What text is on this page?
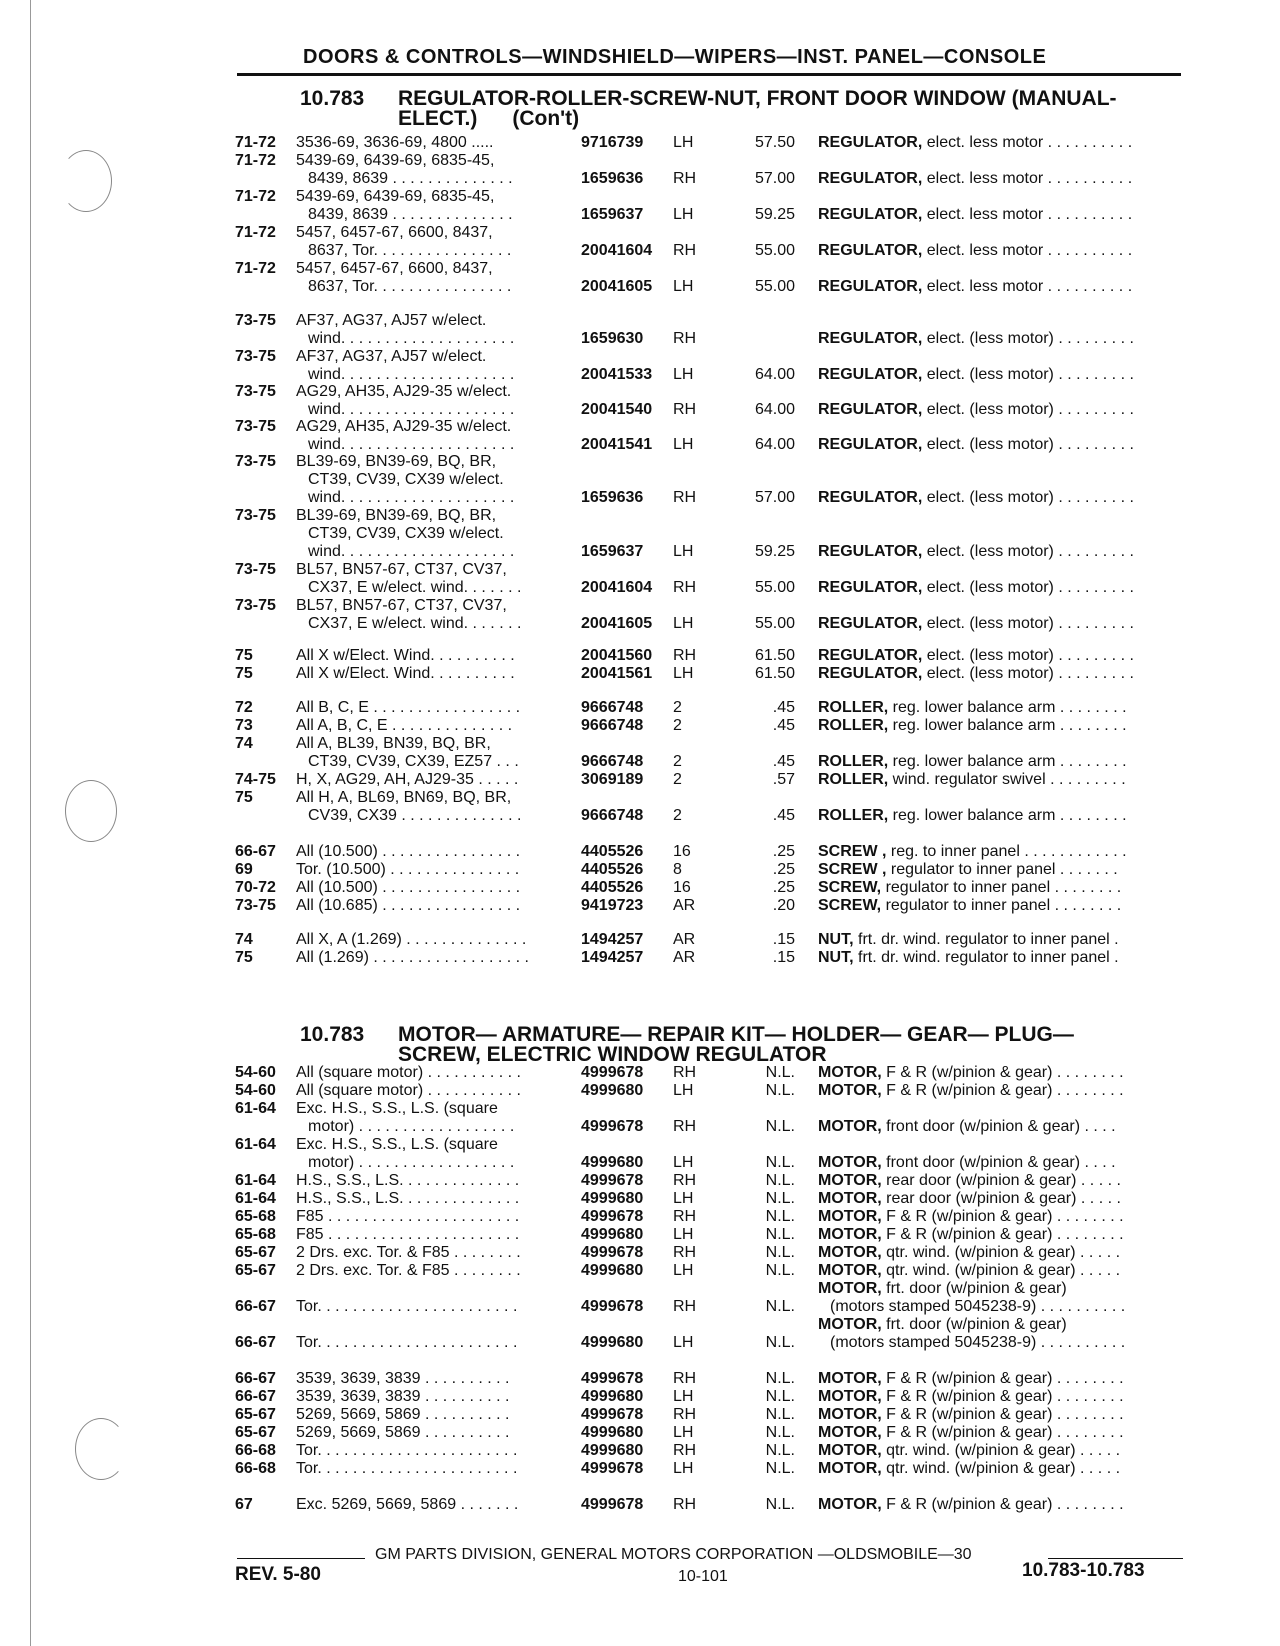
DOORS & CONTROLS—WINDSHIELD—WIPERS—INST. PANEL—CONSOLE
10.783 REGULATOR-ROLLER-SCREW-NUT, FRONT DOOR WINDOW (MANUAL-
ELECT.)      (Con't)
71-72 3536-69, 3636-69, 4800 .....	9716739 LH	57.50 REGULATOR, elect. less motor . . . . . . . . . .
71-72 5439-69, 6439-69, 6835-45,
8439, 8639 . . . . . . . . . . . . . .	1659636 RH	57.00 REGULATOR, elect. less motor . . . . . . . . . .
71-72 5439-69, 6439-69, 6835-45,
8439, 8639 . . . . . . . . . . . . . .	1659637 LH	59.25 REGULATOR, elect. less motor . . . . . . . . . .
71-72 5457, 6457-67, 6600, 8437,
8637, Tor. . . . . . . . . . . . . . . .	20041604 RH	55.00 REGULATOR, elect. less motor . . . . . . . . . .
71-72 5457, 6457-67, 6600, 8437,
8637, Tor. . . . . . . . . . . . . . . .	20041605 LH	55.00 REGULATOR, elect. less motor . . . . . . . . . .
73-75 AF37, AG37, AJ57 w/elect.
wind. . . . . . . . . . . . . . . . . . . .	1659630 RH	REGULATOR, elect. (less motor) . . . . . . . . .
73-75 AF37, AG37, AJ57 w/elect.
wind. . . . . . . . . . . . . . . . . . . .	20041533 LH	64.00 REGULATOR, elect. (less motor) . . . . . . . . .
73-75 AG29, AH35, AJ29-35 w/elect.
wind. . . . . . . . . . . . . . . . . . . .	20041540 RH	64.00 REGULATOR, elect. (less motor) . . . . . . . . .
73-75 AG29, AH35, AJ29-35 w/elect.
wind. . . . . . . . . . . . . . . . . . . .	20041541 LH	64.00 REGULATOR, elect. (less motor) . . . . . . . . .
73-75 BL39-69, BN39-69, BQ, BR,
CT39, CV39, CX39 w/elect.
wind. . . . . . . . . . . . . . . . . . . .	1659636 RH	57.00 REGULATOR, elect. (less motor) . . . . . . . . .
73-75 BL39-69, BN39-69, BQ, BR,
CT39, CV39, CX39 w/elect.
wind. . . . . . . . . . . . . . . . . . . .	1659637 LH	59.25 REGULATOR, elect. (less motor) . . . . . . . . .
73-75 BL57, BN57-67, CT37, CV37,
CX37, E w/elect. wind. . . . . . .	20041604 RH	55.00 REGULATOR, elect. (less motor) . . . . . . . . .
73-75 BL57, BN57-67, CT37, CV37,
CX37, E w/elect. wind. . . . . . .	20041605 LH	55.00 REGULATOR, elect. (less motor) . . . . . . . . .
75	All X w/Elect. Wind. . . . . . . . . .	20041560 RH	61.50 REGULATOR, elect. (less motor) . . . . . . . . .
75	All X w/Elect. Wind. . . . . . . . . .	20041561 LH	61.50 REGULATOR, elect. (less motor) . . . . . . . . .
72	All B, C, E . . . . . . . . . . . . . . . . .	9666748 2	.45 ROLLER, reg. lower balance arm . . . . . . . .
73	All A, B, C, E . . . . . . . . . . . . . .	9666748 2	.45 ROLLER, reg. lower balance arm . . . . . . . .
74	All A, BL39, BN39, BQ, BR,
CT39, CV39, CX39, EZ57 . . .	9666748 2	.45 ROLLER, reg. lower balance arm . . . . . . . .
74-75 H, X, AG29, AH, AJ29-35 . . . . .	3069189 2	.57 ROLLER, wind. regulator swivel . . . . . . . . .
75	All H, A, BL69, BN69, BQ, BR,
CV39, CX39 . . . . . . . . . . . . . .	9666748 2	.45 ROLLER, reg. lower balance arm . . . . . . . .
66-67 All (10.500) . . . . . . . . . . . . . . . .	4405526 16	.25 SCREW , reg. to inner panel . . . . . . . . . . . .
69	Tor. (10.500) . . . . . . . . . . . . . . .	4405526 8	.25 SCREW , regulator to inner panel . . . . . . .
70-72 All (10.500) . . . . . . . . . . . . . . . .	4405526 16	.25 SCREW, regulator to inner panel . . . . . . . .
73-75 All (10.685) . . . . . . . . . . . . . . . .	9419723 AR	.20 SCREW, regulator to inner panel . . . . . . . .
74	All X, A (1.269) . . . . . . . . . . . . . .	1494257 AR	.15 NUT, frt. dr. wind. regulator to inner panel .
75	All (1.269) . . . . . . . . . . . . . . . . . .	1494257 AR	.15 NUT, frt. dr. wind. regulator to inner panel .
10.783 MOTOR— ARMATURE— REPAIR KIT— HOLDER— GEAR— PLUG—
SCREW, ELECTRIC WINDOW REGULATOR
54-60 All (square motor) . . . . . . . . . . .	4999678 RH	N.L. MOTOR, F & R (w/pinion & gear) . . . . . . . .
54-60 All (square motor) . . . . . . . . . . .	4999680 LH	N.L. MOTOR, F & R (w/pinion & gear) . . . . . . . .
61-64 Exc. H.S., S.S., L.S. (square
motor) . . . . . . . . . . . . . . . . . .	4999678 RH	N.L. MOTOR, front door (w/pinion & gear) . . . .
61-64 Exc. H.S., S.S., L.S. (square
motor) . . . . . . . . . . . . . . . . . .	4999680 LH	N.L. MOTOR, front door (w/pinion & gear) . . . .
61-64 H.S., S.S., L.S. . . . . . . . . . . . . .	4999678 RH	N.L. MOTOR, rear door (w/pinion & gear) . . . . .
61-64 H.S., S.S., L.S. . . . . . . . . . . . . .	4999680 LH	N.L. MOTOR, rear door (w/pinion & gear) . . . . .
65-68 F85 . . . . . . . . . . . . . . . . . . . . . .	4999678 RH	N.L. MOTOR, F & R (w/pinion & gear) . . . . . . . .
65-68 F85 . . . . . . . . . . . . . . . . . . . . . .	4999680 LH	N.L. MOTOR, F & R (w/pinion & gear) . . . . . . . .
65-67 2 Drs. exc. Tor. & F85 . . . . . . . .	4999678 RH	N.L. MOTOR, qtr. wind. (w/pinion & gear) . . . . .
65-67 2 Drs. exc. Tor. & F85 . . . . . . . .	4999680 LH	N.L. MOTOR, qtr. wind. (w/pinion & gear) . . . . .
66-67 Tor. . . . . . . . . . . . . . . . . . . . . . .	4999678 RH	N.L.
MOTOR, frt. door (w/pinion & gear)
(motors stamped 5045238-9) . . . . . . . . . .
66-67 Tor. . . . . . . . . . . . . . . . . . . . . . .	4999680 LH	N.L.
MOTOR, frt. door (w/pinion & gear)
(motors stamped 5045238-9) . . . . . . . . . .
66-67 3539, 3639, 3839 . . . . . . . . . .	4999678 RH	N.L. MOTOR, F & R (w/pinion & gear) . . . . . . . .
66-67 3539, 3639, 3839 . . . . . . . . . .	4999680 LH	N.L. MOTOR, F & R (w/pinion & gear) . . . . . . . .
65-67 5269, 5669, 5869 . . . . . . . . . .	4999678 RH	N.L. MOTOR, F & R (w/pinion & gear) . . . . . . . .
65-67 5269, 5669, 5869 . . . . . . . . . .	4999680 LH	N.L. MOTOR, F & R (w/pinion & gear) . . . . . . . .
66-68 Tor. . . . . . . . . . . . . . . . . . . . . . .	4999680 RH	N.L. MOTOR, qtr. wind. (w/pinion & gear) . . . . .
66-68 Tor. . . . . . . . . . . . . . . . . . . . . . .	4999678 LH	N.L. MOTOR, qtr. wind. (w/pinion & gear) . . . . .
67	Exc. 5269, 5669, 5869 . . . . . . .	4999678 RH	N.L. MOTOR, F & R (w/pinion & gear) . . . . . . . .
GM PARTS DIVISION, GENERAL MOTORS CORPORATION —OLDSMOBILE—30
REV. 5-80	10-101	10.783-10.783
